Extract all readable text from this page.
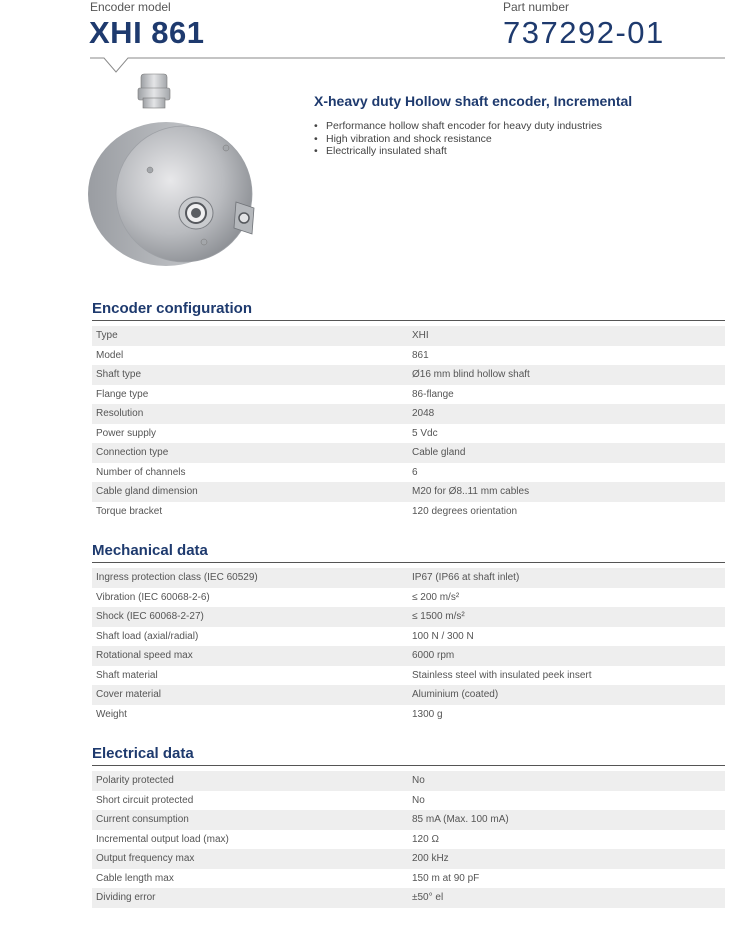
Encoder model
XHI 861
Part number
737292-01
X-heavy duty Hollow shaft encoder, Incremental
• Performance hollow shaft encoder for heavy duty industries
• High vibration and shock resistance
• Electrically insulated shaft
Encoder configuration
Type	XHI
Model	861
Shaft type	Ø16 mm blind hollow shaft
Flange type	86-flange
Resolution	2048
Power supply	5 Vdc
Connection type	Cable gland
Number of channels	6
Cable gland dimension	M20 for Ø8..11 mm cables
Torque bracket	120 degrees orientation
Mechanical data
Ingress protection class (IEC 60529)	IP67 (IP66 at shaft inlet)
Vibration (IEC 60068-2-6)	≤ 200 m/s²
Shock (IEC 60068-2-27)	≤ 1500 m/s²
Shaft load (axial/radial)	100 N / 300 N
Rotational speed max	6000 rpm
Shaft material	Stainless steel with insulated peek insert
Cover material	Aluminium (coated)
Weight	1300 g
Electrical data
Polarity protected	No
Short circuit protected	No
Current consumption	85 mA (Max. 100 mA)
Incremental output load (max)	120 Ω
Output frequency max	200 kHz
Cable length max	150 m at 90 pF
Dividing error	±50° el
